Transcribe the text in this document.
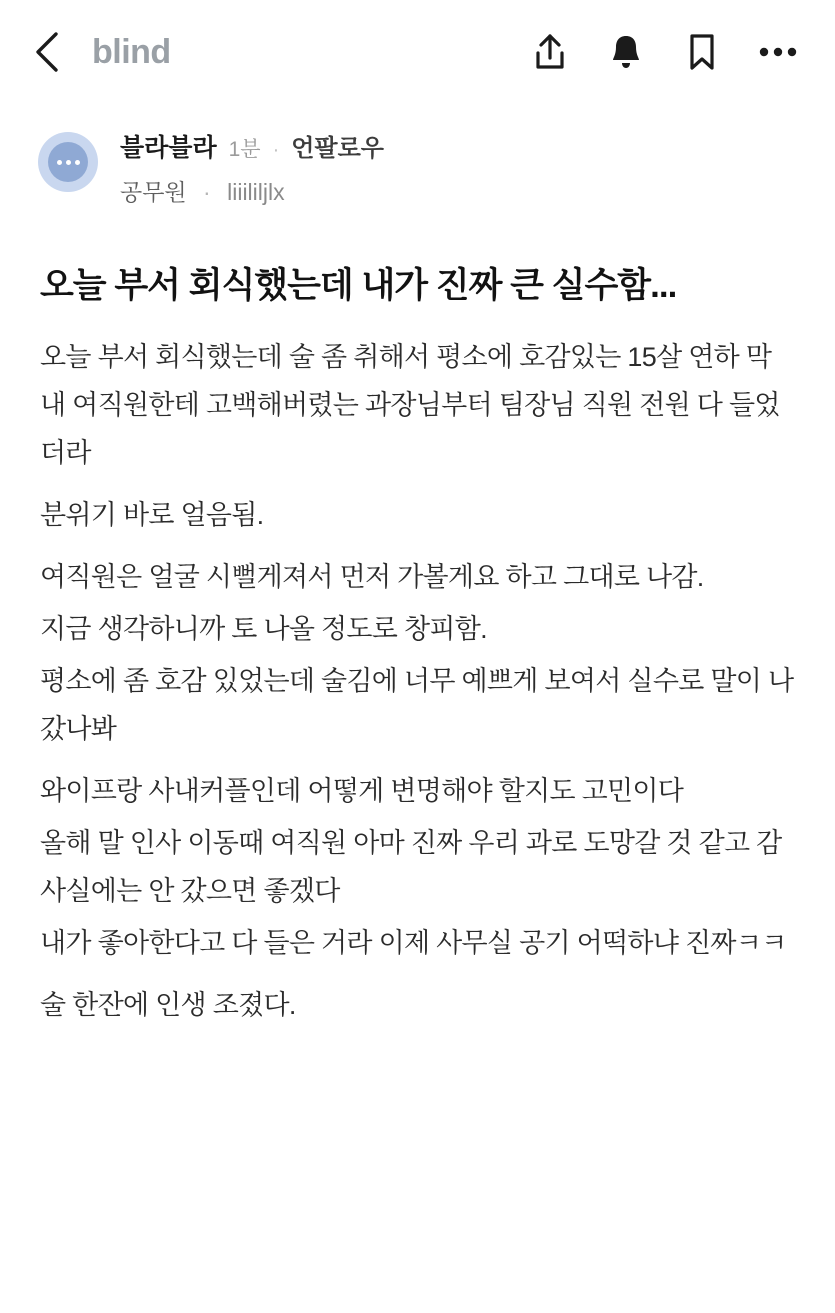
blind
블라블라 1분 · 언팔로우
공무원 · liiililjlx
오늘 부서 회식했는데 내가 진짜 큰 실수함...

오늘 부서 회식했는데 술 좀 취해서 평소에 호감있는 15살 연하 막내 여직원한테 고백해버렸는 과장님부터 팀장님 직원 전원 다 들었더라

분위기 바로 얼음됨.

여직원은 얼굴 시뻘게져서 먼저 가볼게요 하고 그대로 나감.

지금 생각하니까 토 나올 정도로 창피함.

평소에 좀 호감 있었는데 술김에 너무 예쁘게 보여서 실수로 말이 나갔나봐

와이프랑 사내커플인데 어떻게 변명해야 할지도 고민이다

올해 말 인사 이동때 여직원 아마 진짜 우리 과로 도망갈 것 같고 감사실에는 안 갔으면 좋겠다

내가 좋아한다고 다 들은 거라 이제 사무실 공기 어떡하냐 진짜ㅋㅋ

술 한잔에 인생 조졌다.
